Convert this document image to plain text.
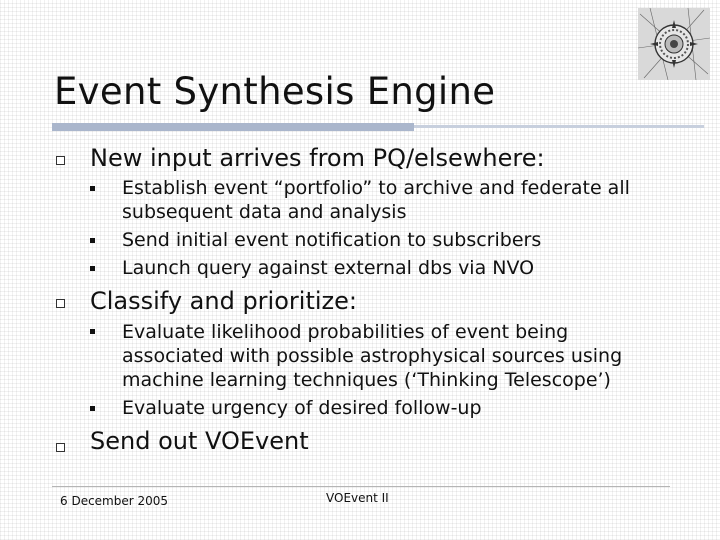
Event Synthesis Engine
New input arrives from PQ/elsewhere:
Establish event “portfolio” to archive and federate all
subsequent data and analysis
Send initial event notification to subscribers
Launch query against external dbs via NVO
Classify and prioritize:
Evaluate likelihood probabilities of event being
associated with possible astrophysical sources using
machine learning techniques (‘Thinking Telescope’)
Evaluate urgency of desired follow-up
Send out VOEvent
6 December 2005	VOEvent II
